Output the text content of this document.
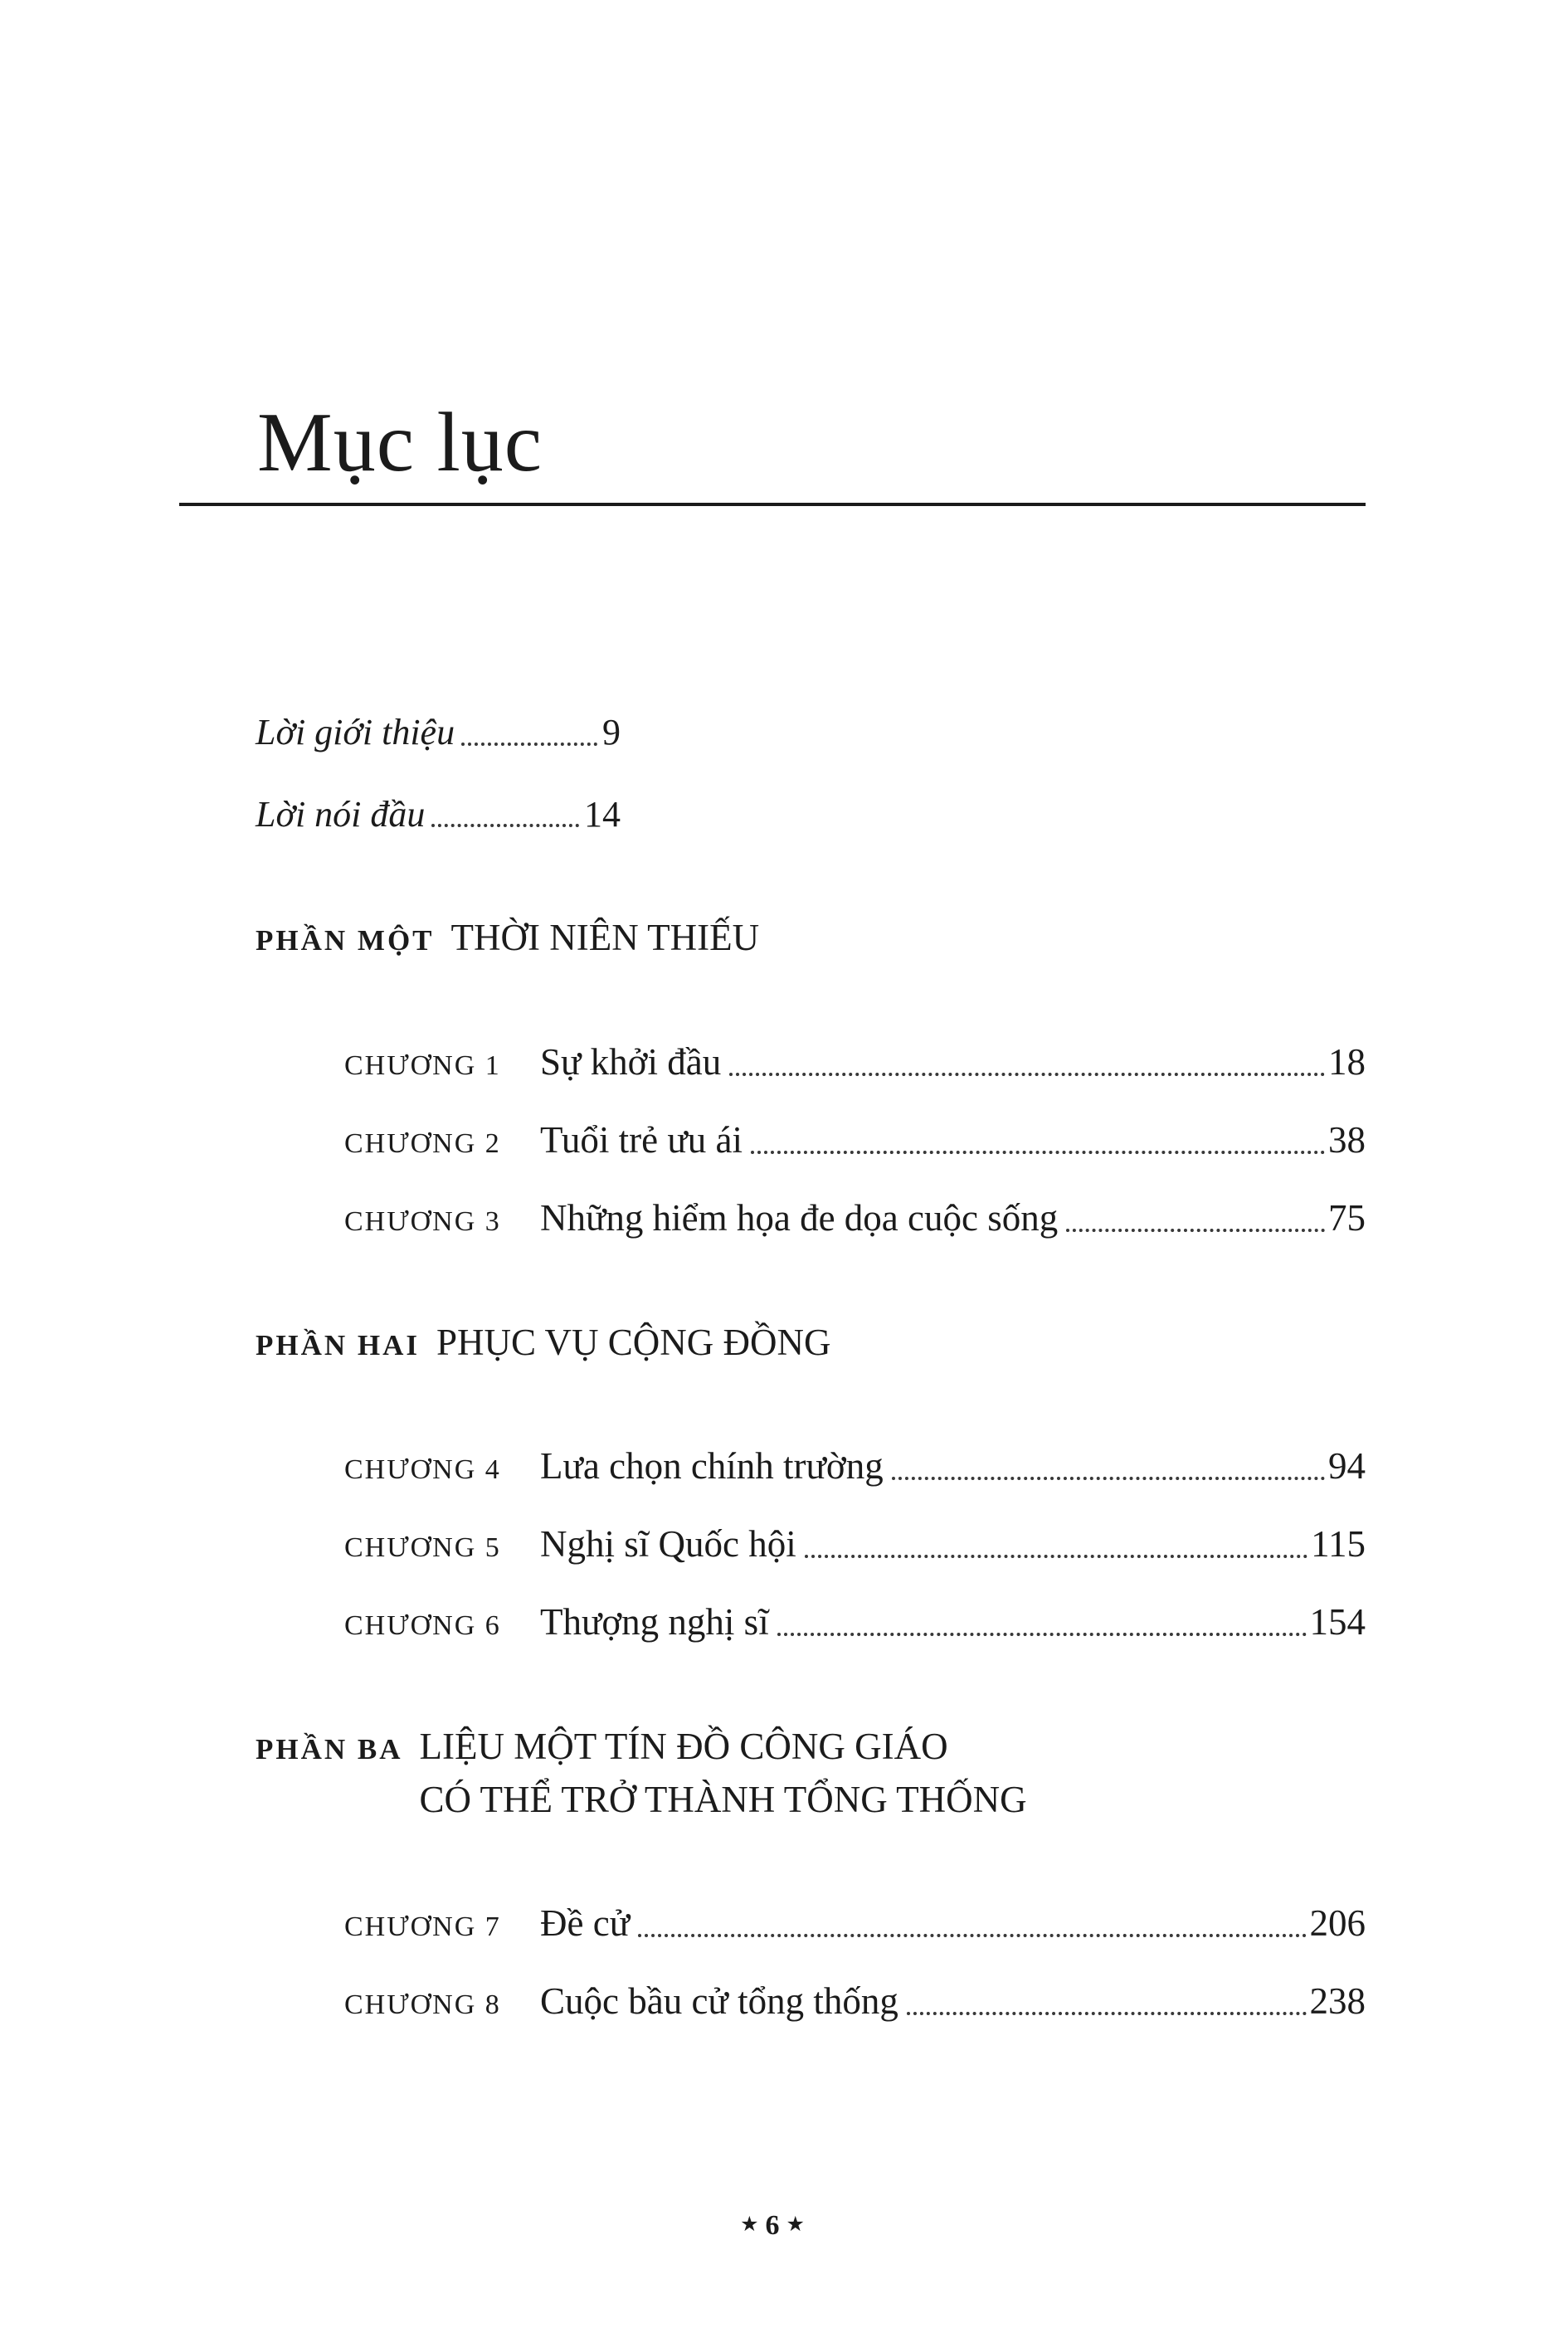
Mục lục
Lời giới thiệu	9
Lời nói đầu	14
PHẦN MỘT THỜI NIÊN THIẾU
CHƯƠNG 1	Sự khởi đầu	18
CHƯƠNG 2	Tuổi trẻ ưu ái	38
CHƯƠNG 3	Những hiểm họa đe dọa cuộc sống	75
PHẦN HAI PHỤC VỤ CỘNG ĐỒNG
CHƯƠNG 4	Lưa chọn chính trường	94
CHƯƠNG 5	Nghị sĩ Quốc hội	115
CHƯƠNG 6	Thượng nghị sĩ	154
PHẦN BA LIỆU MỘT TÍN ĐỒ CÔNG GIÁO
CÓ THỂ TRỞ THÀNH TỔNG THỐNG
CHƯƠNG 7	Đề cử	206
CHƯƠNG 8	Cuộc bầu cử tổng thống	238
★ 6 ★
